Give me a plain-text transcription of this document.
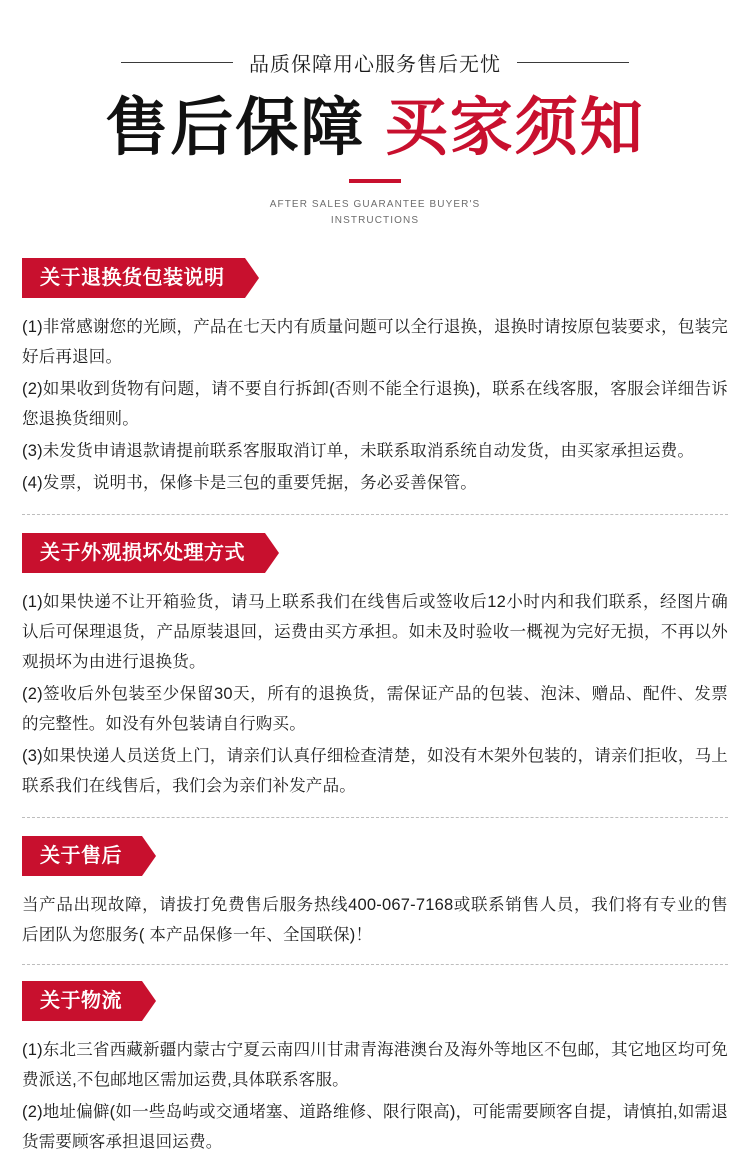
品质保障用心服务售后无忧
售后保障 买家须知
AFTER SALES GUARANTEE BUYER'S
INSTRUCTIONS
关于退换货包装说明

(1)非常感谢您的光顾，产品在七天内有质量问题可以全行退换，退换时请按原包装要求，包装完好后再退回。

(2)如果收到货物有问题，请不要自行拆卸(否则不能全行退换)，联系在线客服，客服会详细告诉您退换货细则。

(3)未发货申请退款请提前联系客服取消订单，未联系取消系统自动发货，由买家承担运费。

(4)发票，说明书，保修卡是三包的重要凭据，务必妥善保管。

关于外观损坏处理方式

(1)如果快递不让开箱验货，请马上联系我们在线售后或签收后12小时内和我们联系，经图片确认后可保理退货，产品原装退回，运费由买方承担。如未及时验收一概视为完好无损，不再以外观损坏为由进行退换货。

(2)签收后外包装至少保留30天，所有的退换货，需保证产品的包装、泡沫、赠品、配件、发票的完整性。如没有外包装请自行购买。

(3)如果快递人员送货上门，请亲们认真仔细检查清楚，如没有木架外包装的，请亲们拒收，马上联系我们在线售后，我们会为亲们补发产品。

关于售后

当产品出现故障，请拔打免费售后服务热线400-067-7168或联系销售人员，我们将有专业的售后团队为您服务( 本产品保修一年、全国联保)！

关于物流

(1)东北三省西藏新疆内蒙古宁夏云南四川甘肃青海港澳台及海外等地区不包邮，其它地区均可免费派送,不包邮地区需加运费,具体联系客服。

(2)地址偏僻(如一些岛屿或交通堵塞、道路维修、限行限高)，可能需要顾客自提，请慎拍,如需退货需要顾客承担退回运费。
